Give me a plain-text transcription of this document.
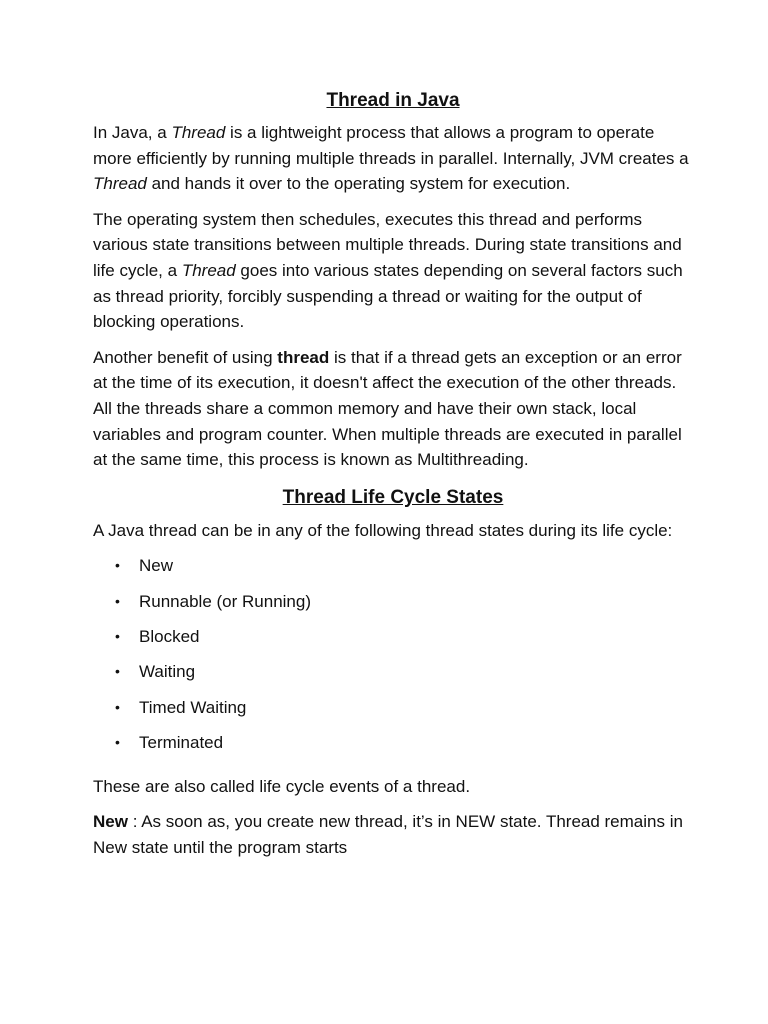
Thread in Java

In Java, a Thread is a lightweight process that allows a program to operate more efficiently by running multiple threads in parallel. Internally, JVM creates a Thread and hands it over to the operating system for execution.

The operating system then schedules, executes this thread and performs various state transitions between multiple threads. During state transitions and life cycle, a Thread goes into various states depending on several factors such as thread priority, forcibly suspending a thread or waiting for the output of blocking operations.

Another benefit of using thread is that if a thread gets an exception or an error at the time of its execution, it doesn't affect the execution of the other threads. All the threads share a common memory and have their own stack, local variables and program counter. When multiple threads are executed in parallel at the same time, this process is known as Multithreading.

Thread Life Cycle States

A Java thread can be in any of the following thread states during its life cycle:

•	New
•	Runnable (or Running)
•	Blocked
•	Waiting
•	Timed Waiting
•	Terminated

These are also called life cycle events of a thread.

New : As soon as, you create new thread, it’s in NEW state. Thread remains in New state until the program starts
